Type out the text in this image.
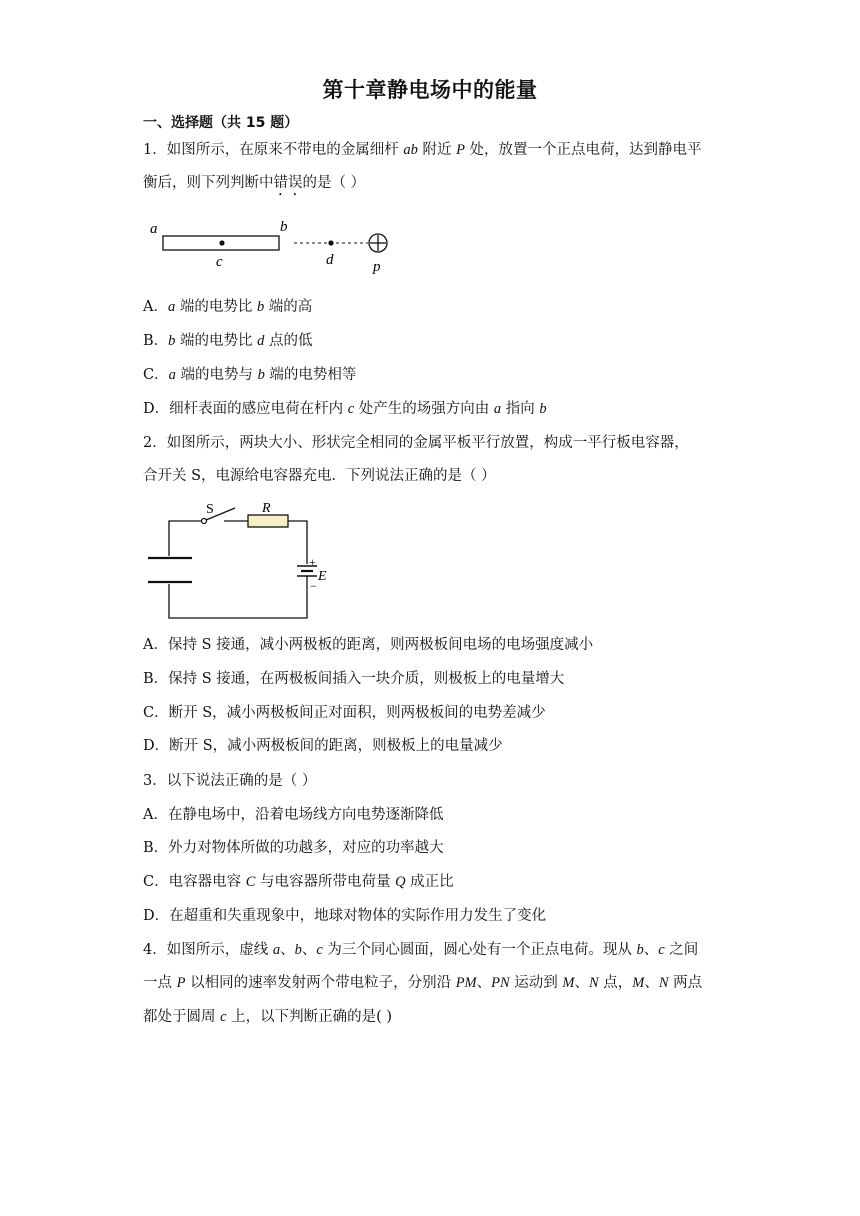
第十章静电场中的能量
一、选择题（共 15 题）
1．如图所示，在原来不带电的金属细杆 ab 附近 P 处，放置一个正点电荷，达到静电平
衡后，则下列判断中错误的是（ ）
a	b
c	d	p
A．a 端的电势比 b 端的高
B．b 端的电势比 d 点的低
C．a 端的电势与 b 端的电势相等
D．细杆表面的感应电荷在杆内 c 处产生的场强方向由 a 指向 b
2．如图所示，两块大小、形状完全相同的金属平板平行放置，构成一平行板电容器，
合开关 S，电源给电容器充电．下列说法正确的是（ ）
S	R
+
E
−
A．保持 S 接通，减小两极板的距离，则两极板间电场的电场强度减小
B．保持 S 接通，在两极板间插入一块介质，则极板上的电量增大
C．断开 S，减小两极板间正对面积，则两极板间的电势差减少
D．断开 S，减小两极板间的距离，则极板上的电量减少
3．以下说法正确的是（ ）
A．在静电场中，沿着电场线方向电势逐渐降低
B．外力对物体所做的功越多，对应的功率越大
C．电容器电容 C 与电容器所带电荷量 Q 成正比
D．在超重和失重现象中，地球对物体的实际作用力发生了变化
4．如图所示，虚线 a、b、c 为三个同心圆面，圆心处有一个正点电荷。现从 b、c 之间
一点 P 以相同的速率发射两个带电粒子，分别沿 PM、PN 运动到 M、N 点，M、N 两点
都处于圆周 c 上，以下判断正确的是( )
